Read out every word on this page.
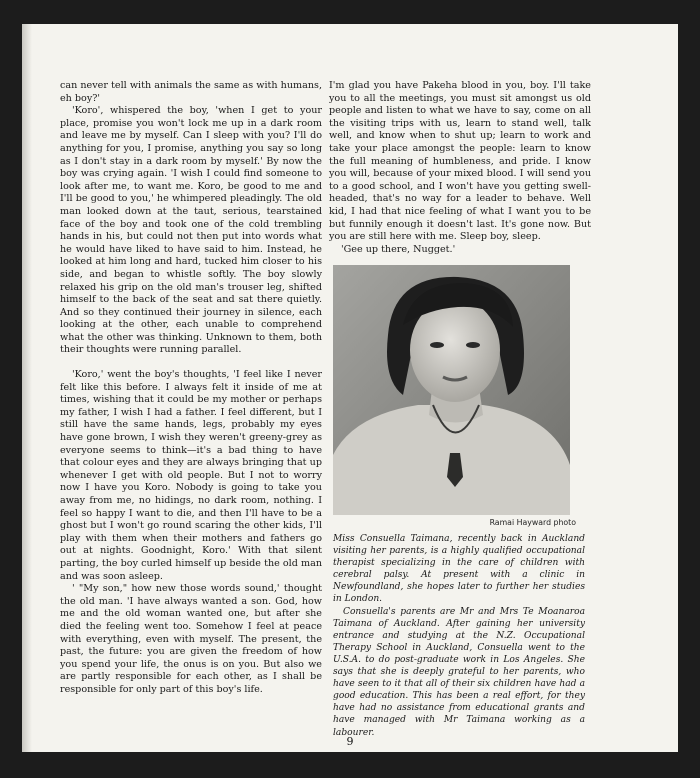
can never tell with animals the same as with humans, eh boy?'

'Koro', whispered the boy, 'when I get to your place, promise you won't lock me up in a dark room and leave me by myself. Can I sleep with you? I'll do anything for you, I promise, anything you say so long as I don't stay in a dark room by myself.' By now the boy was crying again. 'I wish I could find someone to look after me, to want me. Koro, be good to me and I'll be good to you,' he whimpered pleadingly. The old man looked down at the taut, serious, tearstained face of the boy and took one of the cold trembling hands in his, but could not then put into words what he would have liked to have said to him. Instead, he looked at him long and hard, tucked him closer to his side, and began to whistle softly. The boy slowly relaxed his grip on the old man's trouser leg, shifted himself to the back of the seat and sat there quietly. And so they continued their journey in silence, each looking at the other, each unable to comprehend what the other was thinking. Unknown to them, both their thoughts were running parallel.

'Koro,' went the boy's thoughts, 'I feel like I never felt like this before. I always felt it inside of me at times, wishing that it could be my mother or perhaps my father, I wish I had a father. I feel different, but I still have the same hands, legs, probably my eyes have gone brown, I wish they weren't greeny-grey as everyone seems to think—it's a bad thing to have that colour eyes and they are always bringing that up whenever I get with old people. But I not to worry now I have you Koro. Nobody is going to take you away from me, no hidings, no dark room, nothing. I feel so happy I want to die, and then I'll have to be a ghost but I won't go round scaring the other kids, I'll play with them when their mothers and fathers go out at nights. Goodnight, Koro.' With that silent parting, the boy curled himself up beside the old man and was soon asleep.

' "My son," how new those words sound,' thought the old man. 'I have always wanted a son. God, how me and the old woman wanted one, but after she died the feeling went too. Somehow I feel at peace with everything, even with myself. The present, the past, the future: you are given the freedom of how you spend your life, the onus is on you. But also we are partly responsible for each other, as I shall be responsible for only part of this boy's life.

I'm glad you have Pakeha blood in you, boy. I'll take you to all the meetings, you must sit amongst us old people and listen to what we have to say, come on all the visiting trips with us, learn to stand well, talk well, and know when to shut up; learn to work and take your place amongst the people: learn to know the full meaning of humbleness, and pride. I know you will, because of your mixed blood. I will send you to a good school, and I won't have you getting swell-headed, that's no way for a leader to behave. Well kid, I had that nice feeling of what I want you to be but funnily enough it doesn't last. It's gone now. But you are still here with me. Sleep boy, sleep.

'Gee up there, Nugget.'

Ramai Hayward photo

Miss Consuella Taimana, recently back in Auckland visiting her parents, is a highly qualified occupational therapist specializing in the care of children with cerebral palsy. At present with a clinic in Newfoundland, she hopes later to further her studies in London.

Consuella's parents are Mr and Mrs Te Moanaroa Taimana of Auckland. After gaining her university entrance and studying at the N.Z. Occupational Therapy School in Auckland, Consuella went to the U.S.A. to do post-graduate work in Los Angeles. She says that she is deeply grateful to her parents, who have seen to it that all of their six children have had a good education. This has been a real effort, for they have had no assistance from educational grants and have managed with Mr Taimana working as a labourer.

9
